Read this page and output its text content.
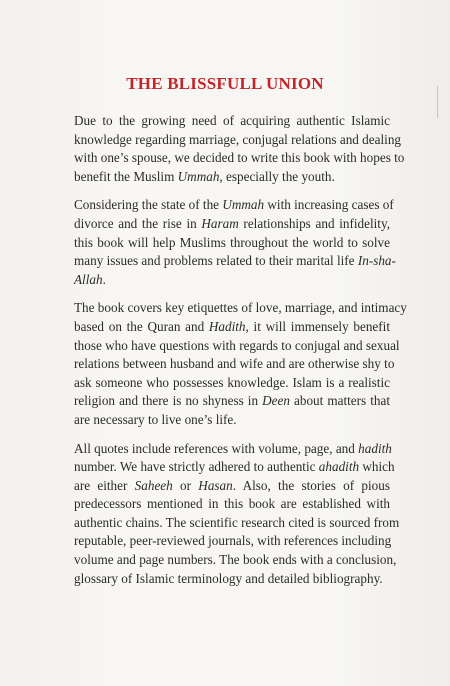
THE BLISSFULL UNION

Due to the growing need of acquiring authentic Islamic
knowledge regarding marriage, conjugal relations and dealing
with one’s spouse, we decided to write this book with hopes to
benefit the Muslim Ummah, especially the youth.

Considering the state of the Ummah with increasing cases of
divorce and the rise in Haram relationships and infidelity,
this book will help Muslims throughout the world to solve
many issues and problems related to their marital life In-sha-
Allah.

The book covers key etiquettes of love, marriage, and intimacy
based on the Quran and Hadith, it will immensely benefit
those who have questions with regards to conjugal and sexual
relations between husband and wife and are otherwise shy to
ask someone who possesses knowledge. Islam is a realistic
religion and there is no shyness in Deen about matters that
are necessary to live one’s life.

All quotes include references with volume, page, and hadith
number. We have strictly adhered to authentic ahadith which
are either Saheeh or Hasan. Also, the stories of pious
predecessors mentioned in this book are established with
authentic chains. The scientific research cited is sourced from
reputable, peer-reviewed journals, with references including
volume and page numbers. The book ends with a conclusion,
glossary of Islamic terminology and detailed bibliography.
